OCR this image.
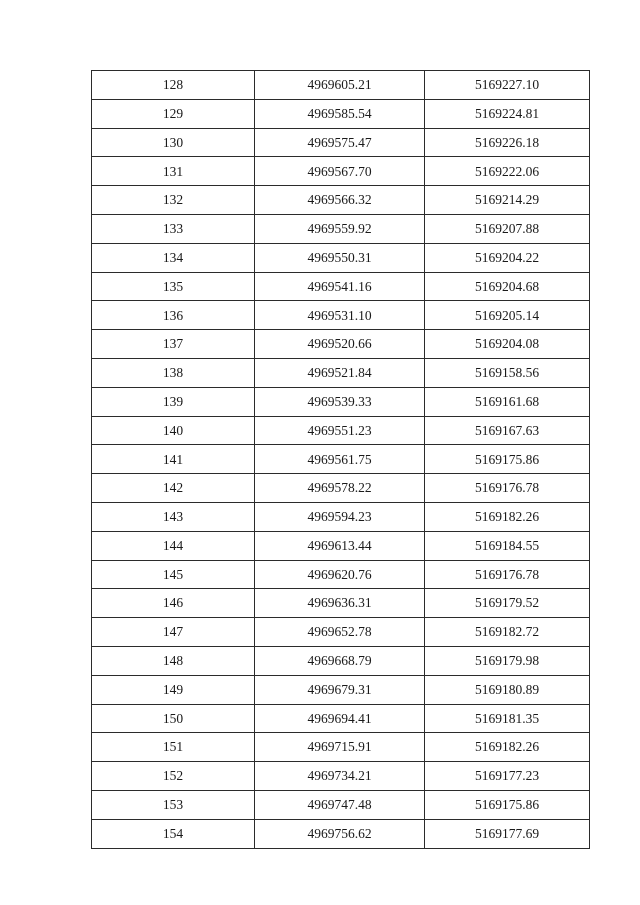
128	4969605.21	5169227.10
129	4969585.54	5169224.81
130	4969575.47	5169226.18
131	4969567.70	5169222.06
132	4969566.32	5169214.29
133	4969559.92	5169207.88
134	4969550.31	5169204.22
135	4969541.16	5169204.68
136	4969531.10	5169205.14
137	4969520.66	5169204.08
138	4969521.84	5169158.56
139	4969539.33	5169161.68
140	4969551.23	5169167.63
141	4969561.75	5169175.86
142	4969578.22	5169176.78
143	4969594.23	5169182.26
144	4969613.44	5169184.55
145	4969620.76	5169176.78
146	4969636.31	5169179.52
147	4969652.78	5169182.72
148	4969668.79	5169179.98
149	4969679.31	5169180.89
150	4969694.41	5169181.35
151	4969715.91	5169182.26
152	4969734.21	5169177.23
153	4969747.48	5169175.86
154	4969756.62	5169177.69
